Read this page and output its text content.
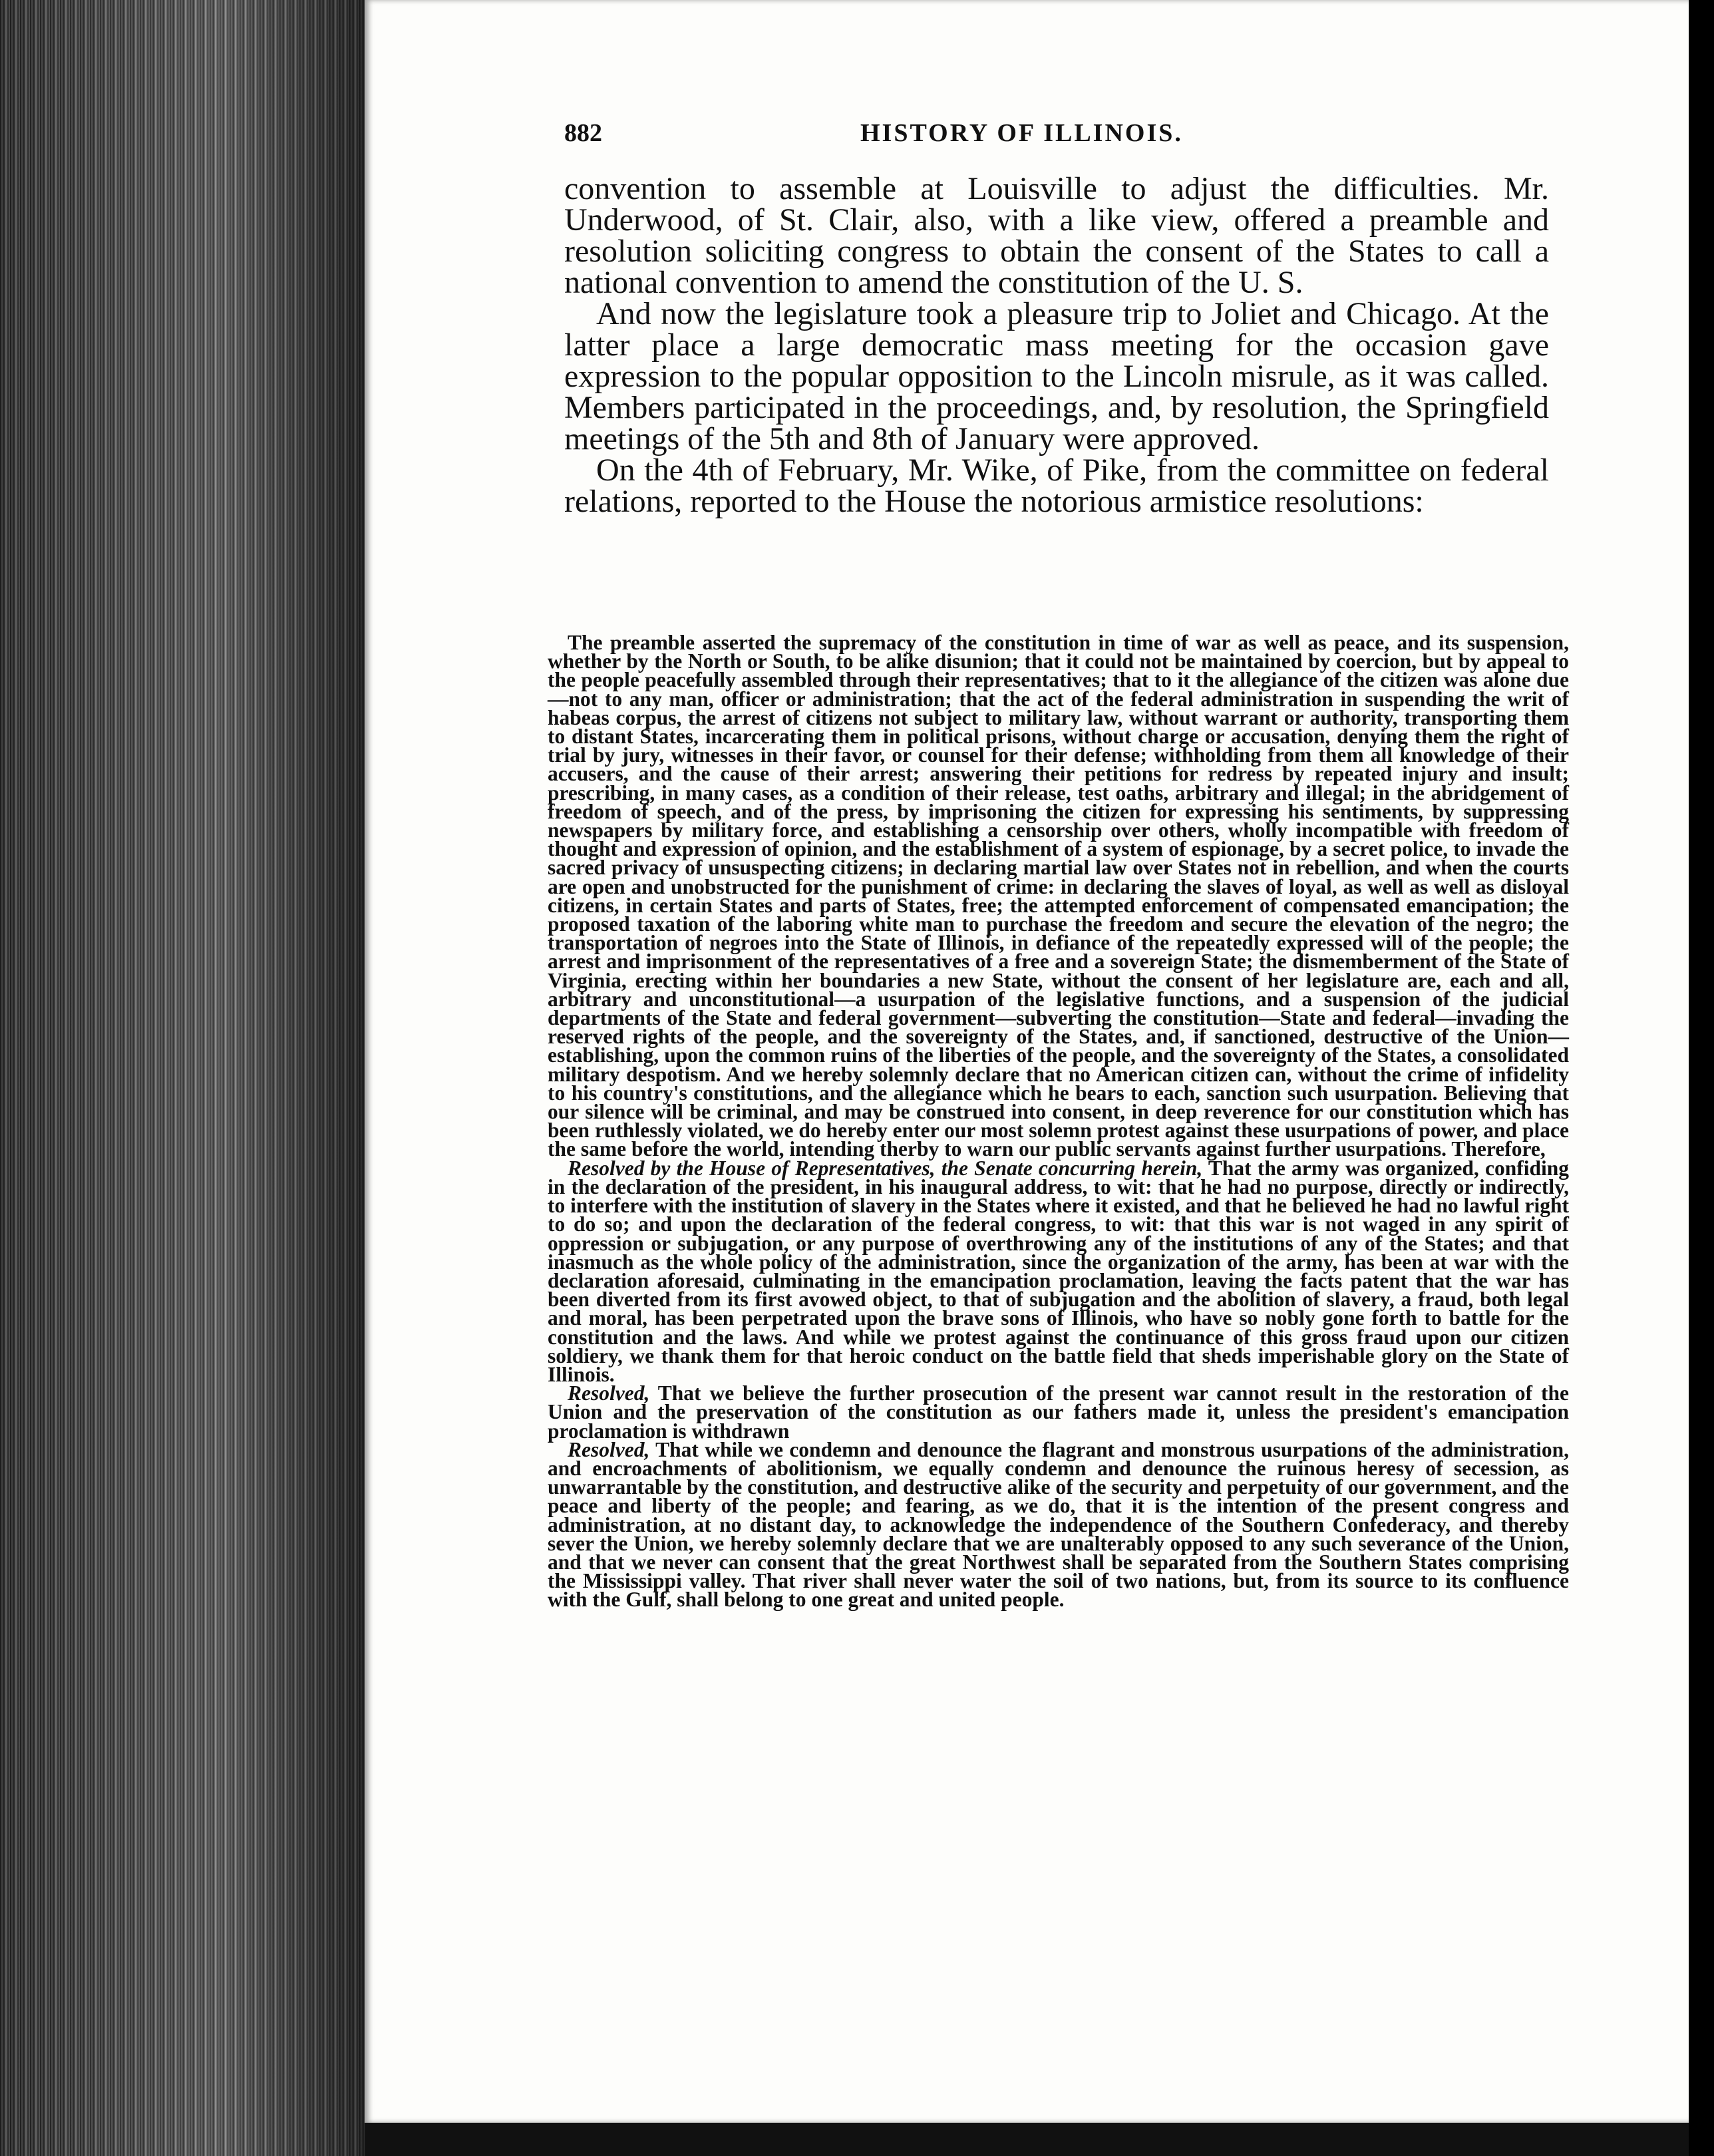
882	HISTORY OF ILLINOIS.

convention to assemble at Louisville to adjust the difficulties. Mr. Underwood, of St. Clair, also, with a like view, offered a preamble and resolution soliciting congress to obtain the consent of the States to call a national convention to amend the constitution of the U. S.

And now the legislature took a pleasure trip to Joliet and Chicago. At the latter place a large democratic mass meeting for the occasion gave expression to the popular opposition to the Lincoln misrule, as it was called. Members participated in the proceedings, and, by resolution, the Springfield meetings of the 5th and 8th of January were approved.

On the 4th of February, Mr. Wike, of Pike, from the committee on federal relations, reported to the House the notorious armistice resolutions:

The preamble asserted the supremacy of the constitution in time of war as well as peace, and its suspension, whether by the North or South, to be alike disunion; that it could not be maintained by coercion, but by appeal to the people peacefully assembled through their representatives; that to it the allegiance of the citizen was alone due—not to any man, officer or administration; that the act of the federal administration in suspending the writ of habeas corpus, the arrest of citizens not subject to military law, without warrant or authority, transporting them to distant States, incarcerating them in political prisons, without charge or accusation, denying them the right of trial by jury, witnesses in their favor, or counsel for their defense; withholding from them all knowledge of their accusers, and the cause of their arrest; answering their petitions for redress by repeated injury and insult; prescribing, in many cases, as a condition of their release, test oaths, arbitrary and illegal; in the abridgement of freedom of speech, and of the press, by imprisoning the citizen for expressing his sentiments, by suppressing newspapers by military force, and establishing a censorship over others, wholly incompatible with freedom of thought and expression of opinion, and the establishment of a system of espionage, by a secret police, to invade the sacred privacy of unsuspecting citizens; in declaring martial law over States not in rebellion, and when the courts are open and unobstructed for the punishment of crime: in declaring the slaves of loyal, as well as well as disloyal citizens, in certain States and parts of States, free; the attempted enforcement of compensated emancipation; the proposed taxation of the laboring white man to purchase the freedom and secure the elevation of the negro; the transportation of negroes into the State of Illinois, in defiance of the repeatedly expressed will of the people; the arrest and imprisonment of the representatives of a free and a sovereign State; the dismemberment of the State of Virginia, erecting within her boundaries a new State, without the consent of her legislature are, each and all, arbitrary and unconstitutional—a usurpation of the legislative functions, and a suspension of the judicial departments of the State and federal government—subverting the constitution—State and federal—invading the reserved rights of the people, and the sovereignty of the States, and, if sanctioned, destructive of the Union—establishing, upon the common ruins of the liberties of the people, and the sovereignty of the States, a consolidated military despotism. And we hereby solemnly declare that no American citizen can, without the crime of infidelity to his country's constitutions, and the allegiance which he bears to each, sanction such usurpation. Believing that our silence will be criminal, and may be construed into consent, in deep reverence for our constitution which has been ruthlessly violated, we do hereby enter our most solemn protest against these usurpations of power, and place the same before the world, intending therby to warn our public servants against further usurpations. Therefore,

Resolved by the House of Representatives, the Senate concurring herein, That the army was organized, confiding in the declaration of the president, in his inaugural address, to wit: that he had no purpose, directly or indirectly, to interfere with the institution of slavery in the States where it existed, and that he believed he had no lawful right to do so; and upon the declaration of the federal congress, to wit: that this war is not waged in any spirit of oppression or subjugation, or any purpose of overthrowing any of the institutions of any of the States; and that inasmuch as the whole policy of the administration, since the organization of the army, has been at war with the declaration aforesaid, culminating in the emancipation proclamation, leaving the facts patent that the war has been diverted from its first avowed object, to that of subjugation and the abolition of slavery, a fraud, both legal and moral, has been perpetrated upon the brave sons of Illinois, who have so nobly gone forth to battle for the constitution and the laws. And while we protest against the continuance of this gross fraud upon our citizen soldiery, we thank them for that heroic conduct on the battle field that sheds imperishable glory on the State of Illinois.

Resolved, That we believe the further prosecution of the present war cannot result in the restoration of the Union and the preservation of the constitution as our fathers made it, unless the president's emancipation proclamation is withdrawn

Resolved, That while we condemn and denounce the flagrant and monstrous usurpations of the administration, and encroachments of abolitionism, we equally condemn and denounce the ruinous heresy of secession, as unwarrantable by the constitution, and destructive alike of the security and perpetuity of our government, and the peace and liberty of the people; and fearing, as we do, that it is the intention of the present congress and administration, at no distant day, to acknowledge the independence of the Southern Confederacy, and thereby sever the Union, we hereby solemnly declare that we are unalterably opposed to any such severance of the Union, and that we never can consent that the great Northwest shall be separated from the Southern States comprising the Mississippi valley. That river shall never water the soil of two nations, but, from its source to its confluence with the Gulf, shall belong to one great and united people.
